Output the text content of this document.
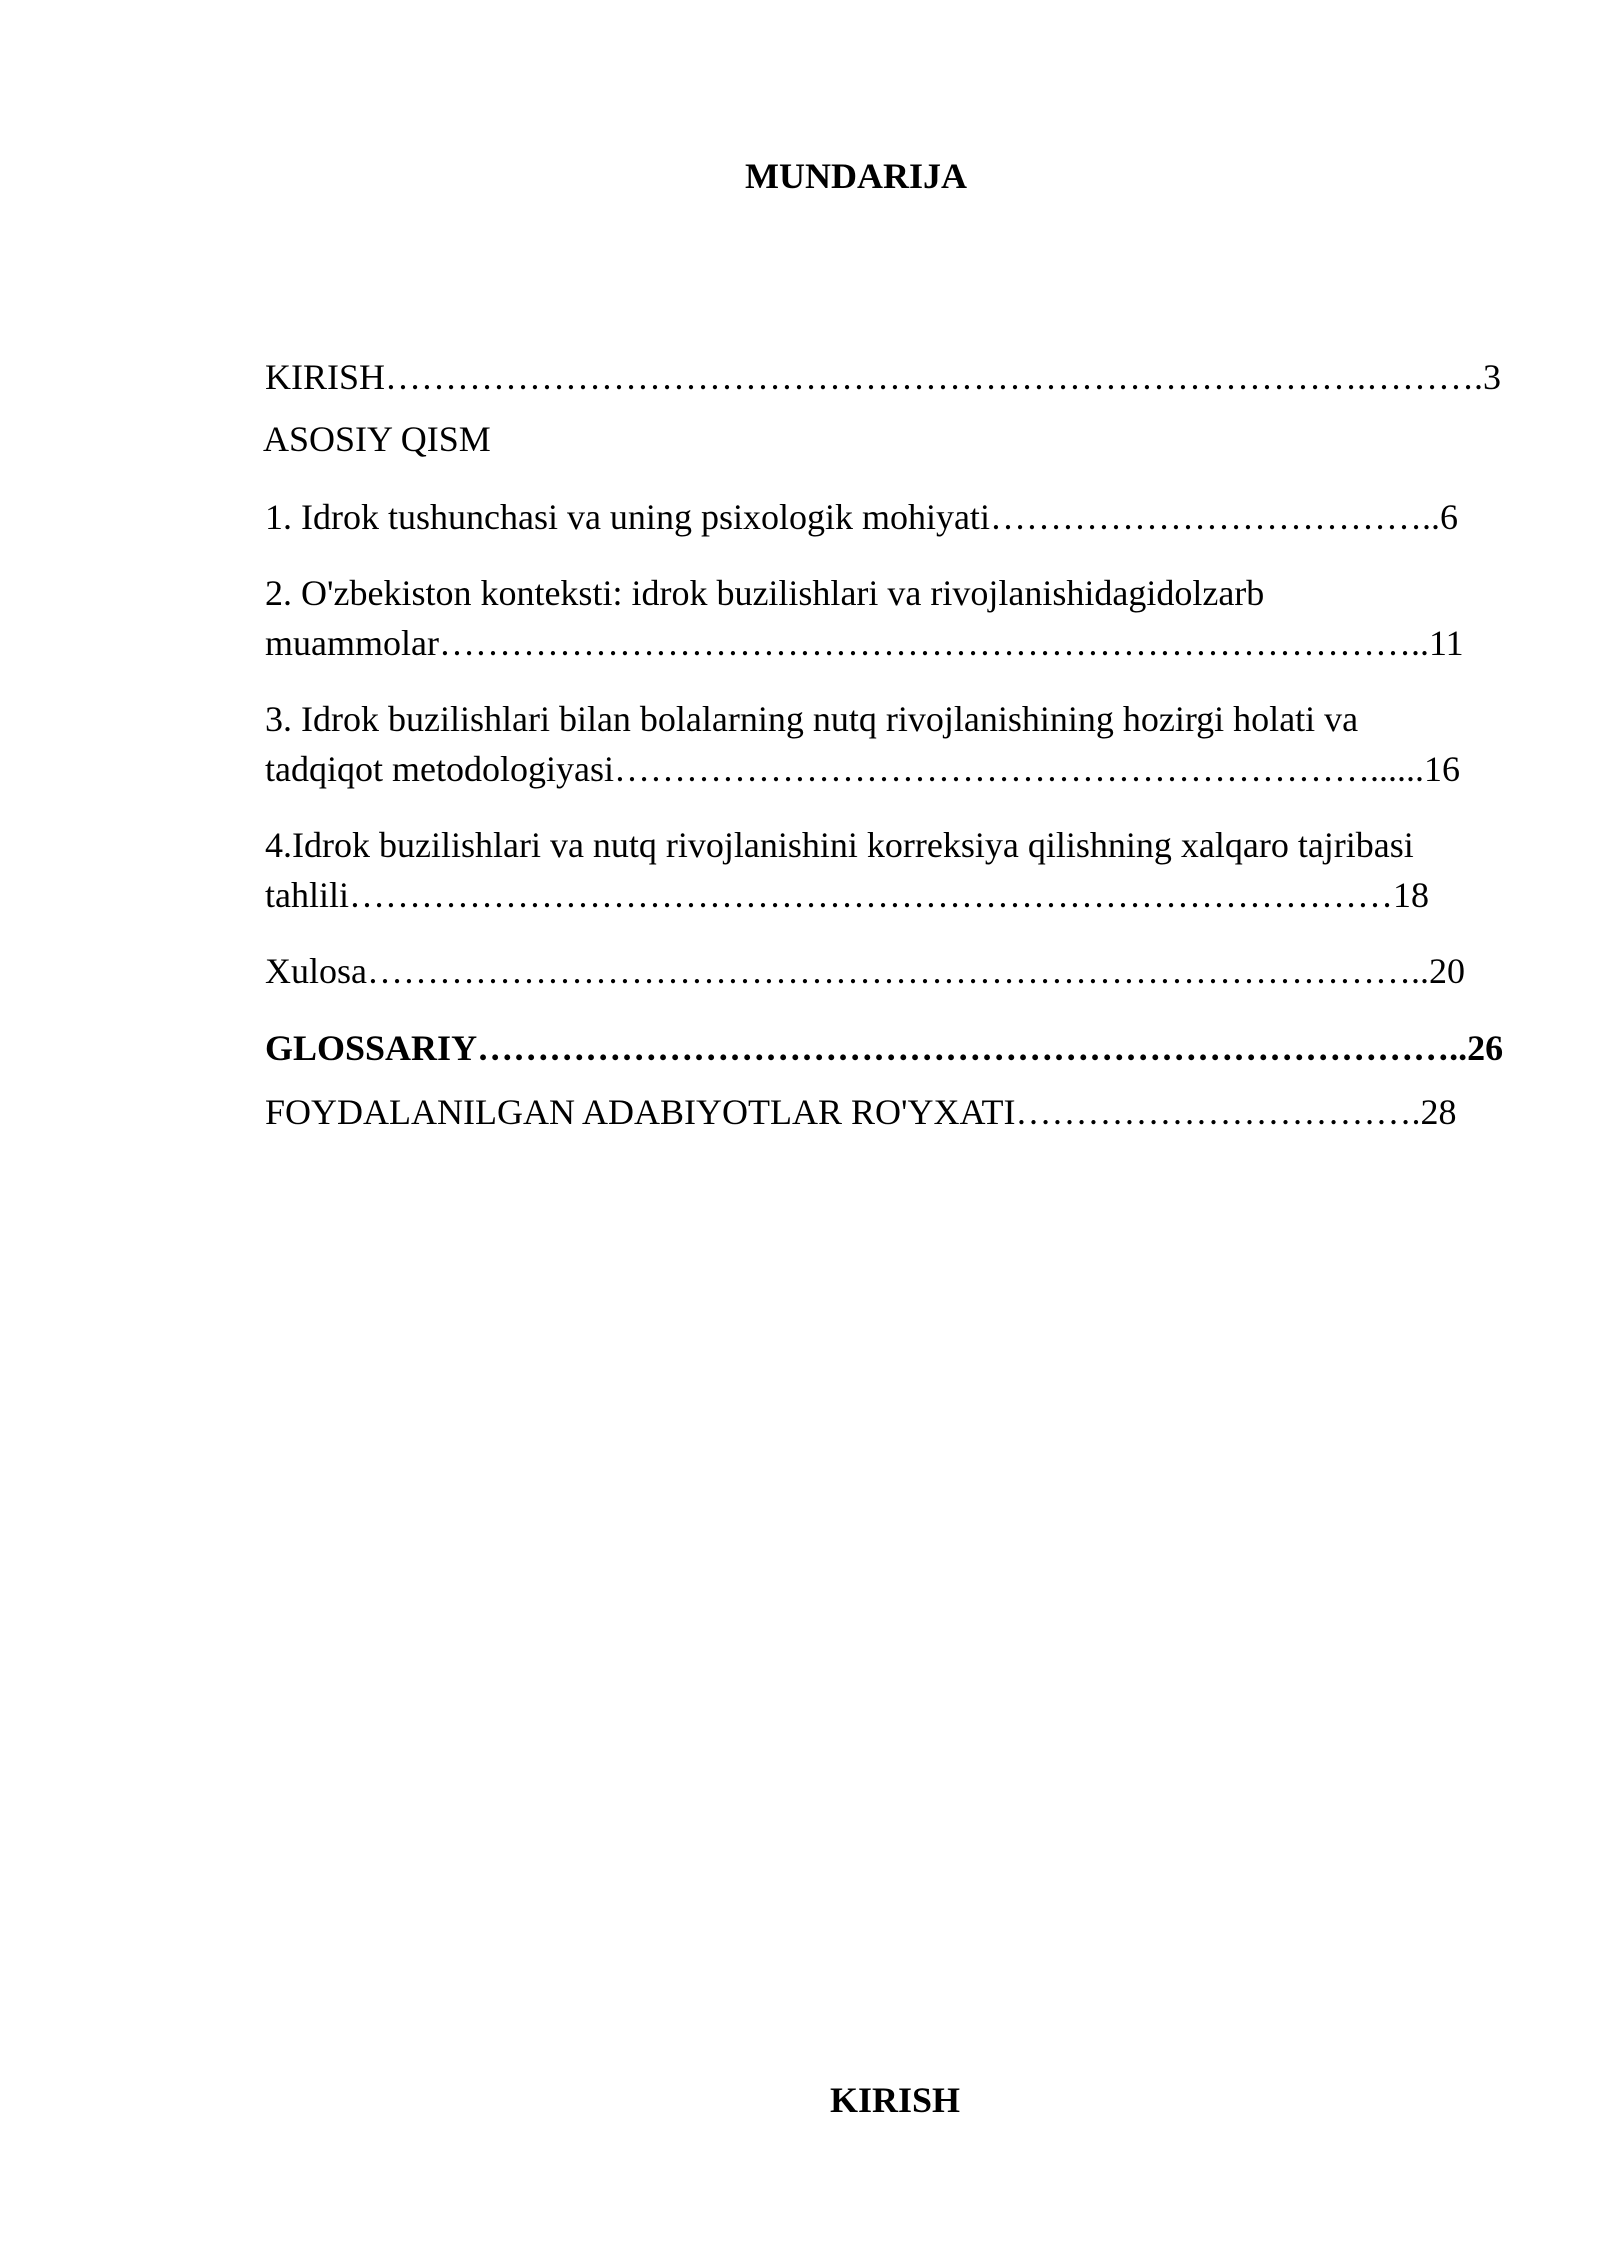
MUNDARIJA

KIRISH……………………………………………………………………….……….3

ASOSIY QISM

1. Idrok tushunchasi va uning psixologik mohiyati………………………………..6

2. O'zbekiston konteksti: idrok buzilishlari va rivojlanishidagidolzarb

muammolar………………………………………………………………………..11

3. Idrok buzilishlari bilan bolalarning nutq rivojlanishining hozirgi holati va

tadqiqot metodologiyasi………………………………………………………......16

4.Idrok buzilishlari va nutq rivojlanishini korreksiya qilishning xalqaro tajribasi

tahlili……………………………………………………………………………18

Xulosa……………………………………………………………………………..20

GLOSSARIY………………………………………………………………………..26

FOYDALANILGAN ADABIYOTLAR RO'YXATI…………………………….28

KIRISH
